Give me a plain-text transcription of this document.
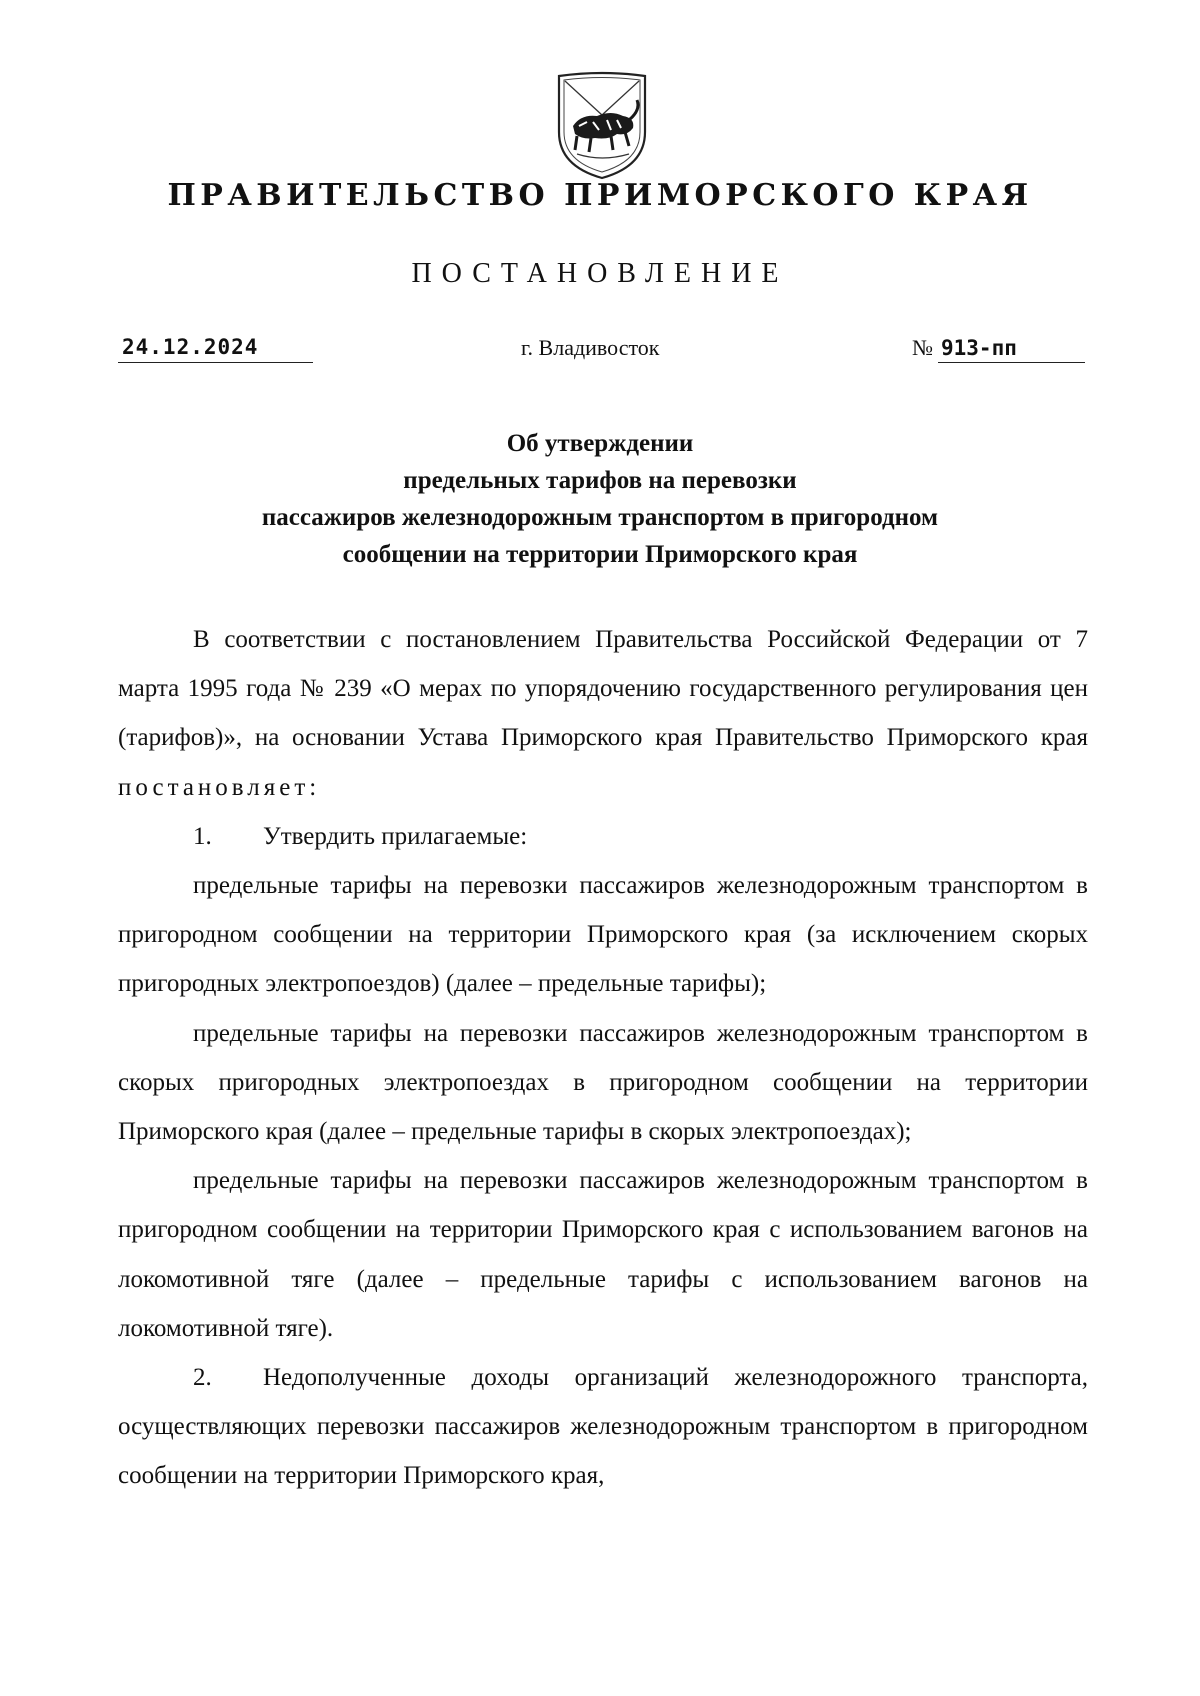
ПРАВИТЕЛЬСТВО ПРИМОРСКОГО КРАЯ
ПОСТАНОВЛЕНИЕ
24.12.2024	г. Владивосток	№ 913-пп
Об утверждении
предельных тарифов на перевозки
пассажиров железнодорожным транспортом в пригородном
сообщении на территории Приморского края

В соответствии с постановлением Правительства Российской Федерации от 7 марта 1995 года № 239 «О мерах по упорядочению государственного регулирования цен (тарифов)», на основании Устава Приморского края Правительство Приморского края постановляет:

1. Утвердить прилагаемые:

предельные тарифы на перевозки пассажиров железнодорожным транспортом в пригородном сообщении на территории Приморского края (за исключением скорых пригородных электропоездов) (далее – предельные тарифы);

предельные тарифы на перевозки пассажиров железнодорожным транспортом в скорых пригородных электропоездах в пригородном сообщении на территории Приморского края (далее – предельные тарифы в скорых электропоездах);

предельные тарифы на перевозки пассажиров железнодорожным транспортом в пригородном сообщении на территории Приморского края с использованием вагонов на локомотивной тяге (далее – предельные тарифы с использованием вагонов на локомотивной тяге).

2. Недополученные доходы организаций железнодорожного транспорта, осуществляющих перевозки пассажиров железнодорожным транспортом в пригородном сообщении на территории Приморского края,
